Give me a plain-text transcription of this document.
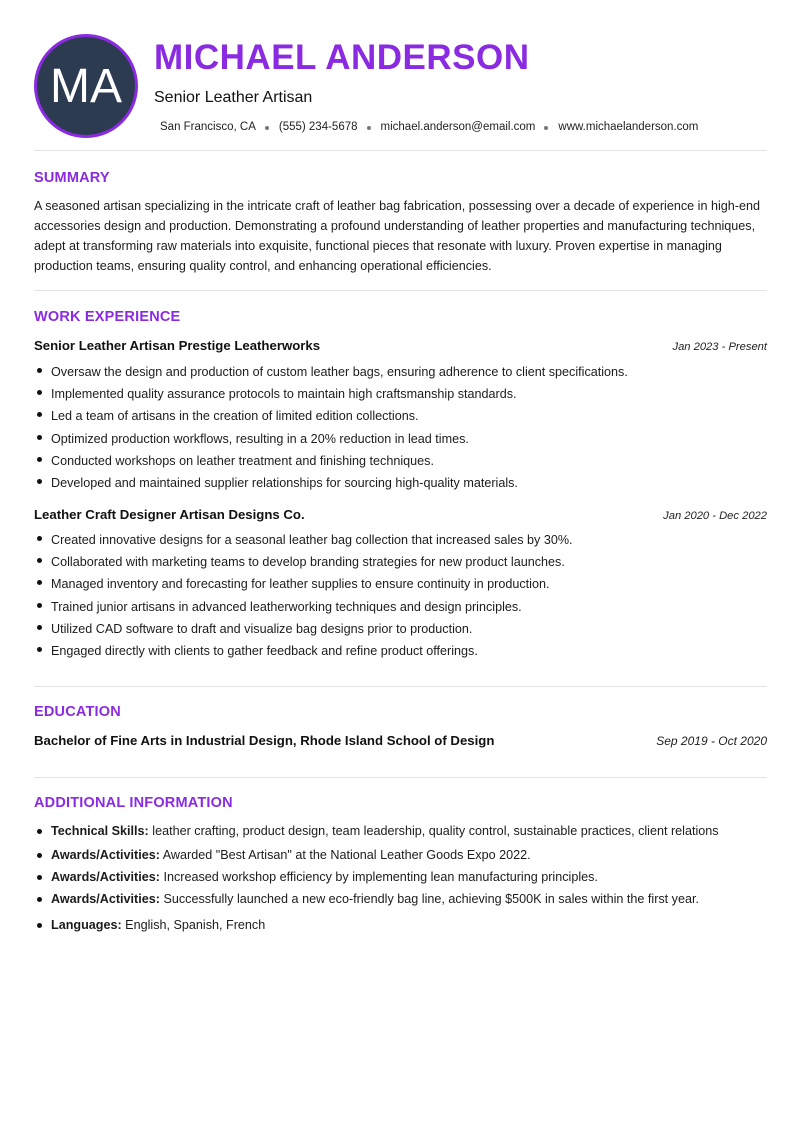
MA
MICHAEL ANDERSON
Senior Leather Artisan
San Francisco, CA (555) 234-5678 michael.anderson@email.com www.michaelanderson.com
SUMMARY
A seasoned artisan specializing in the intricate craft of leather bag fabrication, possessing over a decade of experience in high-end accessories design and production. Demonstrating a profound understanding of leather properties and manufacturing techniques, adept at transforming raw materials into exquisite, functional pieces that resonate with luxury. Proven expertise in managing production teams, ensuring quality control, and enhancing operational efficiencies.
WORK EXPERIENCE
Senior Leather Artisan Prestige Leatherworks	Jan 2023 - Present
Oversaw the design and production of custom leather bags, ensuring adherence to client specifications.
Implemented quality assurance protocols to maintain high craftsmanship standards.
Led a team of artisans in the creation of limited edition collections.
Optimized production workflows, resulting in a 20% reduction in lead times.
Conducted workshops on leather treatment and finishing techniques.
Developed and maintained supplier relationships for sourcing high-quality materials.
Leather Craft Designer Artisan Designs Co.	Jan 2020 - Dec 2022
Created innovative designs for a seasonal leather bag collection that increased sales by 30%.
Collaborated with marketing teams to develop branding strategies for new product launches.
Managed inventory and forecasting for leather supplies to ensure continuity in production.
Trained junior artisans in advanced leatherworking techniques and design principles.
Utilized CAD software to draft and visualize bag designs prior to production.
Engaged directly with clients to gather feedback and refine product offerings.
EDUCATION
Bachelor of Fine Arts in Industrial Design, Rhode Island School of Design	Sep 2019 - Oct 2020
ADDITIONAL INFORMATION
Technical Skills: leather crafting, product design, team leadership, quality control, sustainable practices, client relations
Awards/Activities: Awarded "Best Artisan" at the National Leather Goods Expo 2022.
Awards/Activities: Increased workshop efficiency by implementing lean manufacturing principles.
Awards/Activities: Successfully launched a new eco-friendly bag line, achieving $500K in sales within the first year.
Languages: English, Spanish, French
